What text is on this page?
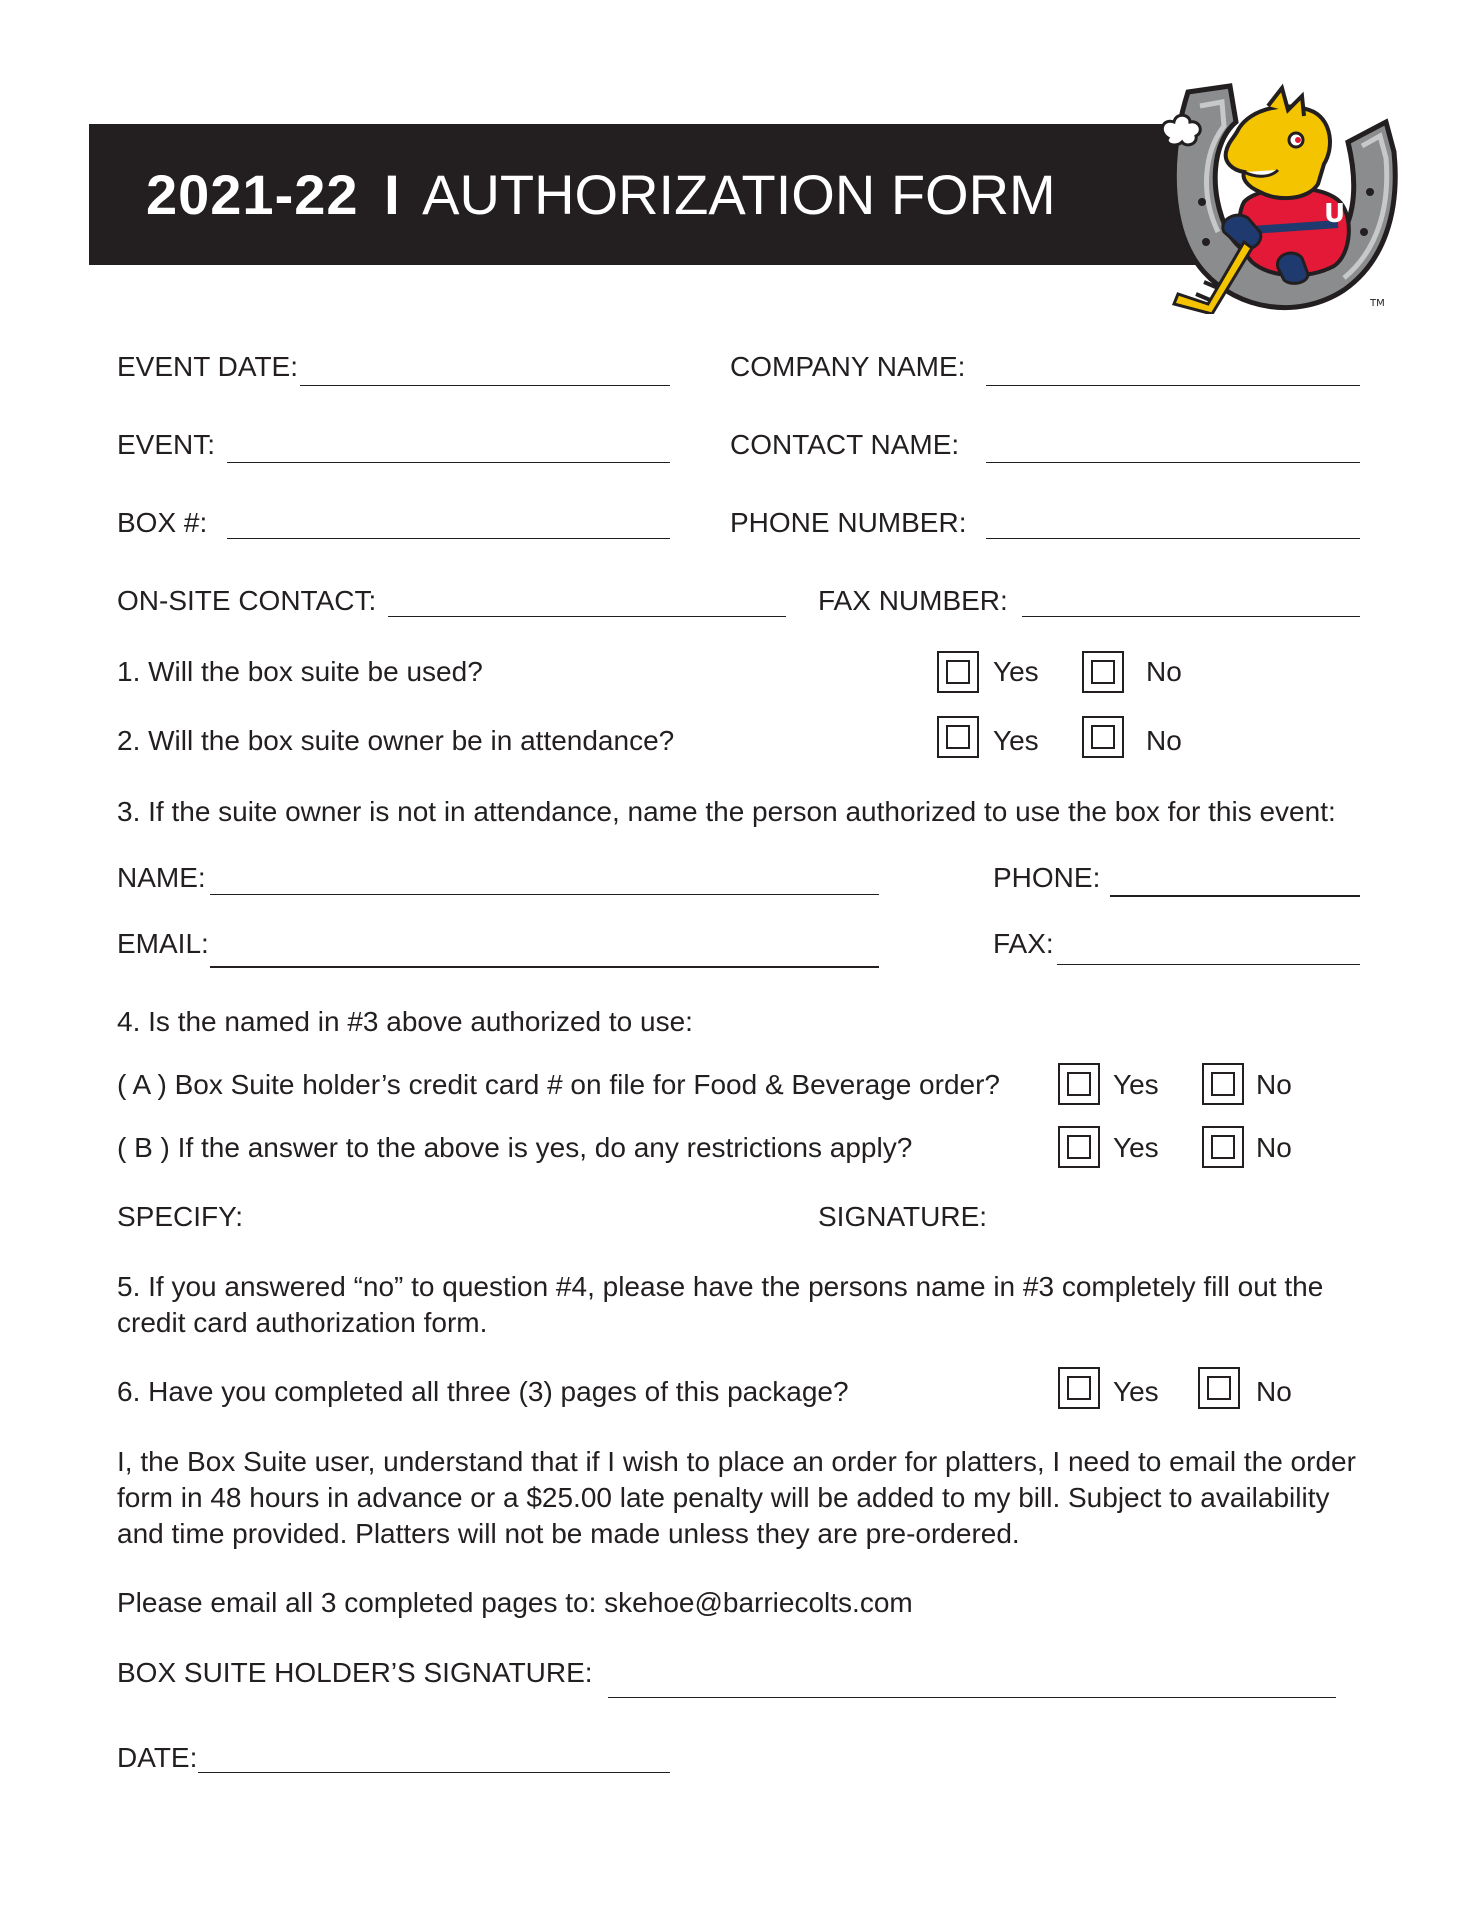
2021-22 I AUTHORIZATION FORM	U
TM
EVENT DATE:	COMPANY NAME:
EVENT:	CONTACT NAME:
BOX #:	PHONE NUMBER:
ON-SITE CONTACT:	FAX NUMBER:
1. Will the box suite be used?	Yes	No
2. Will the box suite owner be in attendance?	Yes	No
3. If the suite owner is not in attendance, name the person authorized to use the box for this event:
NAME:	PHONE:
EMAIL:	FAX:
4. Is the named in #3 above authorized to use:
( A ) Box Suite holder’s credit card # on file for Food & Beverage order?	Yes	No
( B ) If the answer to the above is yes, do any restrictions apply?	Yes	No
SPECIFY:	SIGNATURE:
5. If you answered “no” to question #4, please have the persons name in #3 completely fill out the credit card authorization form.
6. Have you completed all three (3) pages of this package?	Yes	No
I, the Box Suite user, understand that if I wish to place an order for platters, I need to email the order form in 48 hours in advance or a $25.00 late penalty will be added to my bill. Subject to availability and time provided. Platters will not be made unless they are pre-ordered.
Please email all 3 completed pages to: skehoe@barriecolts.com
BOX SUITE HOLDER’S SIGNATURE:
DATE:
